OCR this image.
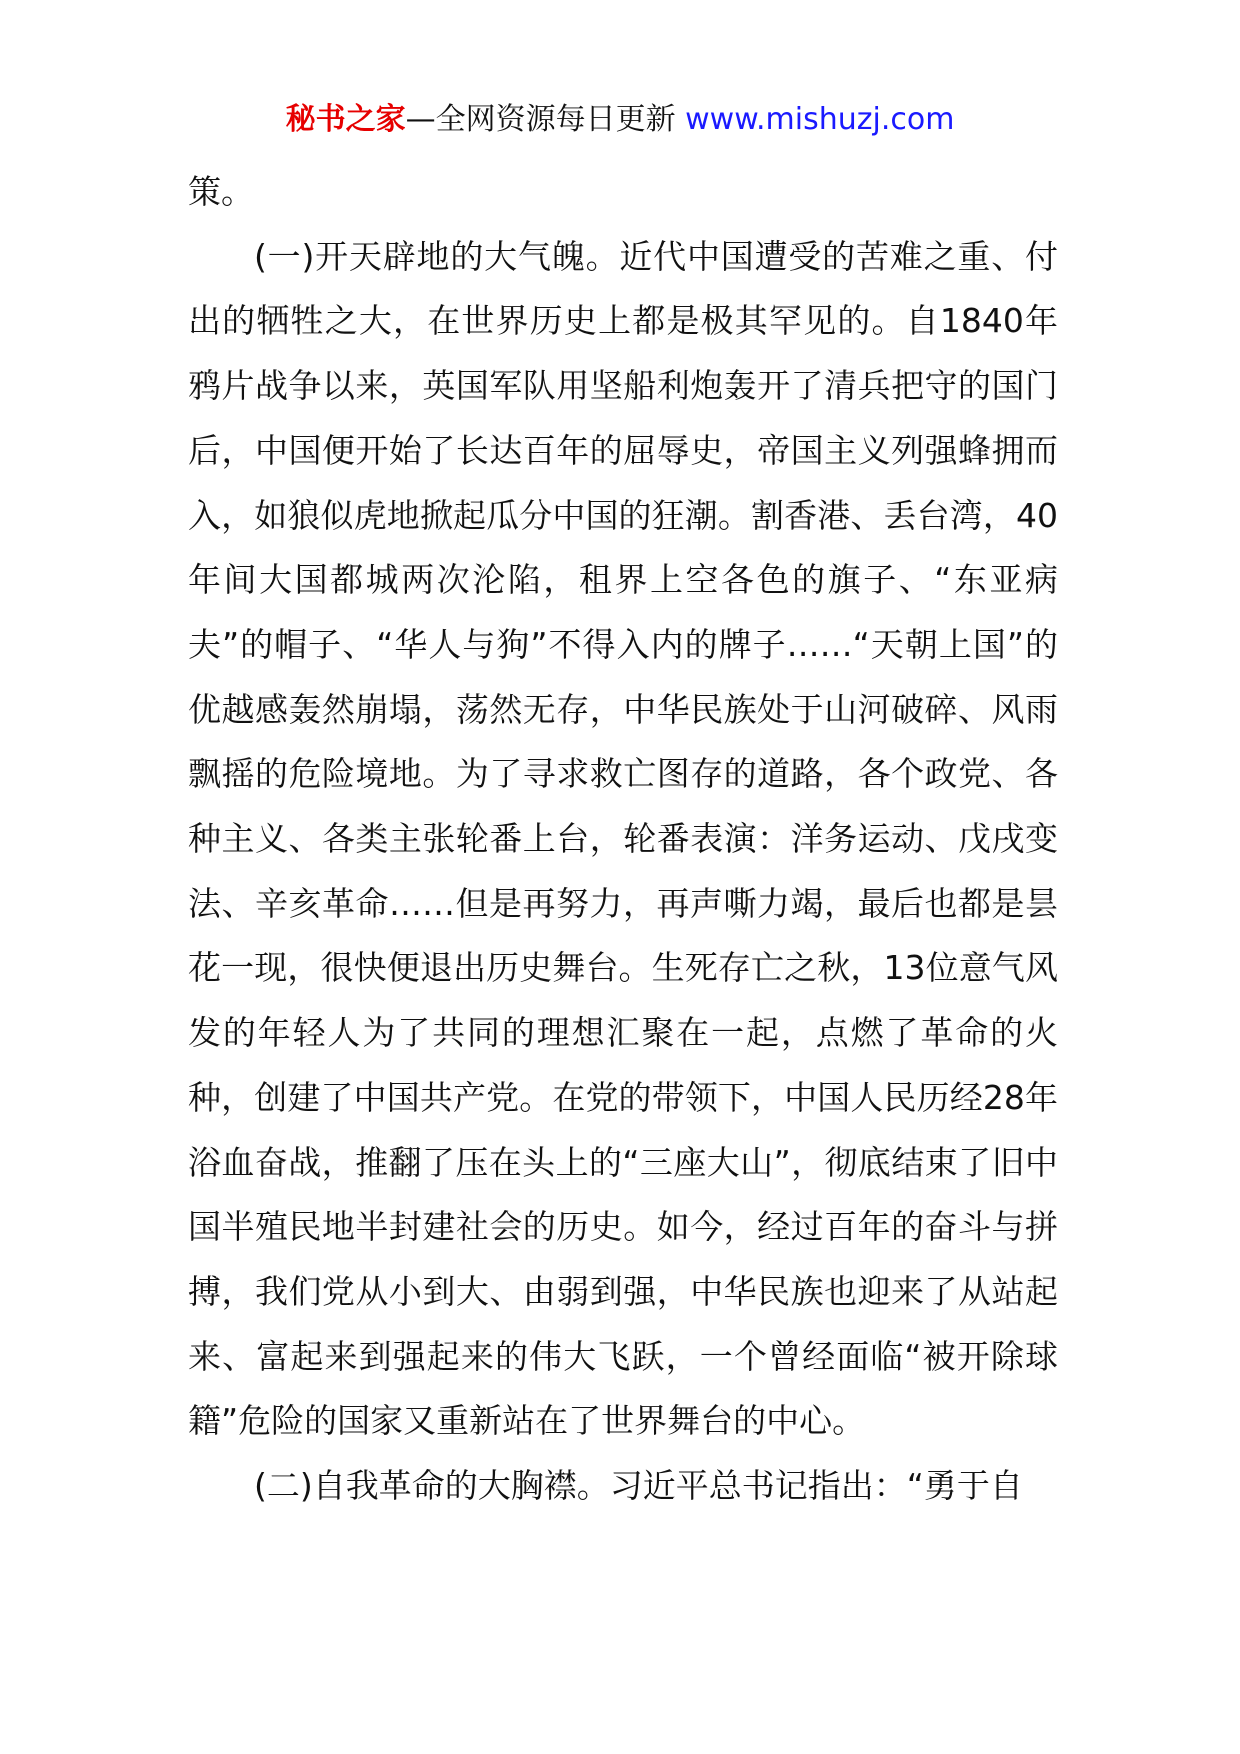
秘书之家—全网资源每日更新 www.mishuzj.com

策。

(一)开天辟地的大气魄。近代中国遭受的苦难之重、付出的牺牲之大，在世界历史上都是极其罕见的。自1840年鸦片战争以来，英国军队用坚船利炮轰开了清兵把守的国门后，中国便开始了长达百年的屈辱史，帝国主义列强蜂拥而入，如狼似虎地掀起瓜分中国的狂潮。割香港、丢台湾，40年间大国都城两次沦陷，租界上空各色的旗子、“东亚病夫”的帽子、“华人与狗”不得入内的牌子……“天朝上国”的优越感轰然崩塌，荡然无存，中华民族处于山河破碎、风雨飘摇的危险境地。为了寻求救亡图存的道路，各个政党、各种主义、各类主张轮番上台，轮番表演：洋务运动、戊戌变法、辛亥革命……但是再努力，再声嘶力竭，最后也都是昙花一现，很快便退出历史舞台。生死存亡之秋，13位意气风发的年轻人为了共同的理想汇聚在一起，点燃了革命的火种，创建了中国共产党。在党的带领下，中国人民历经28年浴血奋战，推翻了压在头上的“三座大山”，彻底结束了旧中国半殖民地半封建社会的历史。如今，经过百年的奋斗与拼搏，我们党从小到大、由弱到强，中华民族也迎来了从站起来、富起来到强起来的伟大飞跃，一个曾经面临“被开除球籍”危险的国家又重新站在了世界舞台的中心。

(二)自我革命的大胸襟。习近平总书记指出：“勇于自
